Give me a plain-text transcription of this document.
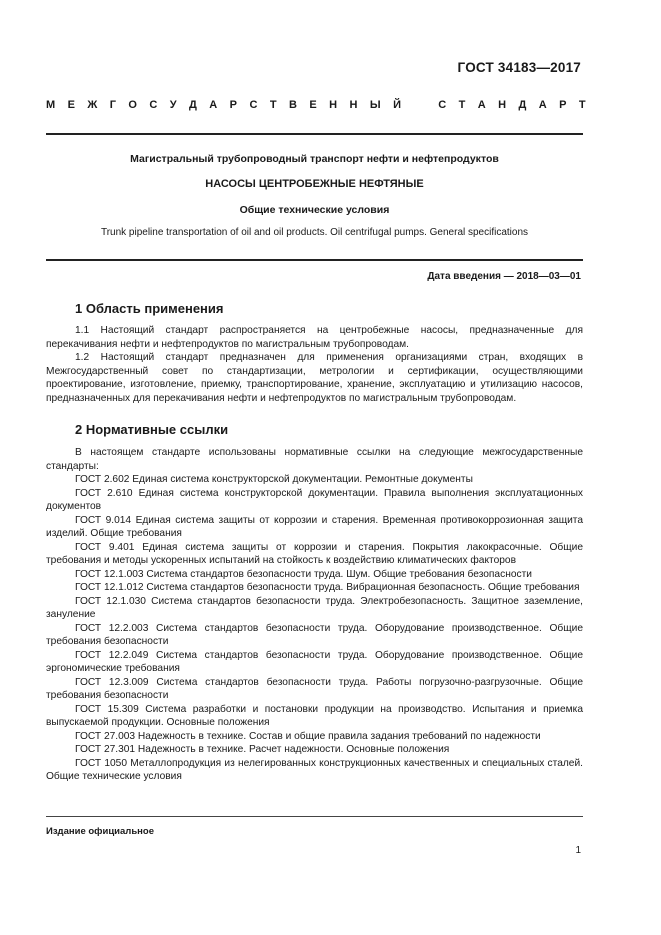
ГОСТ 34183—2017
М Е Ж Г О С У Д А Р С Т В Е Н Н Ы Й	С Т А Н Д А Р Т
Магистральный трубопроводный транспорт нефти и нефтепродуктов
НАСОСЫ ЦЕНТРОБЕЖНЫЕ НЕФТЯНЫЕ
Общие технические условия
Trunk pipeline transportation of oil and oil products. Oil centrifugal pumps. General specifications
Дата введения — 2018—03—01
1 Область применения

1.1 Настоящий стандарт распространяется на центробежные насосы, предназначенные для перекачивания нефти и нефтепродуктов по магистральным трубопроводам.

1.2 Настоящий стандарт предназначен для применения организациями стран, входящих в Межгосударственный совет по стандартизации, метрологии и сертификации, осуществляющими проектирование, изготовление, приемку, транспортирование, хранение, эксплуатацию и утилизацию насосов, предназначенных для перекачивания нефти и нефтепродуктов по магистральным трубопроводам.

2 Нормативные ссылки

В настоящем стандарте использованы нормативные ссылки на следующие межгосударственные стандарты:

ГОСТ 2.602 Единая система конструкторской документации. Ремонтные документы

ГОСТ 2.610 Единая система конструкторской документации. Правила выполнения эксплуатационных документов

ГОСТ 9.014 Единая система защиты от коррозии и старения. Временная противокоррозионная защита изделий. Общие требования

ГОСТ 9.401 Единая система защиты от коррозии и старения. Покрытия лакокрасочные. Общие требования и методы ускоренных испытаний на стойкость к воздействию климатических факторов

ГОСТ 12.1.003 Система стандартов безопасности труда. Шум. Общие требования безопасности

ГОСТ 12.1.012 Система стандартов безопасности труда. Вибрационная безопасность. Общие требования

ГОСТ 12.1.030 Система стандартов безопасности труда. Электробезопасность. Защитное заземление, зануление

ГОСТ 12.2.003 Система стандартов безопасности труда. Оборудование производственное. Общие требования безопасности

ГОСТ 12.2.049 Система стандартов безопасности труда. Оборудование производственное. Общие эргономические требования

ГОСТ 12.3.009 Система стандартов безопасности труда. Работы погрузочно-разгрузочные. Общие требования безопасности

ГОСТ 15.309 Система разработки и постановки продукции на производство. Испытания и приемка выпускаемой продукции. Основные положения

ГОСТ 27.003 Надежность в технике. Состав и общие правила задания требований по надежности

ГОСТ 27.301 Надежность в технике. Расчет надежности. Основные положения

ГОСТ 1050 Металлопродукция из нелегированных конструкционных качественных и специальных сталей. Общие технические условия

Издание официальное
1
